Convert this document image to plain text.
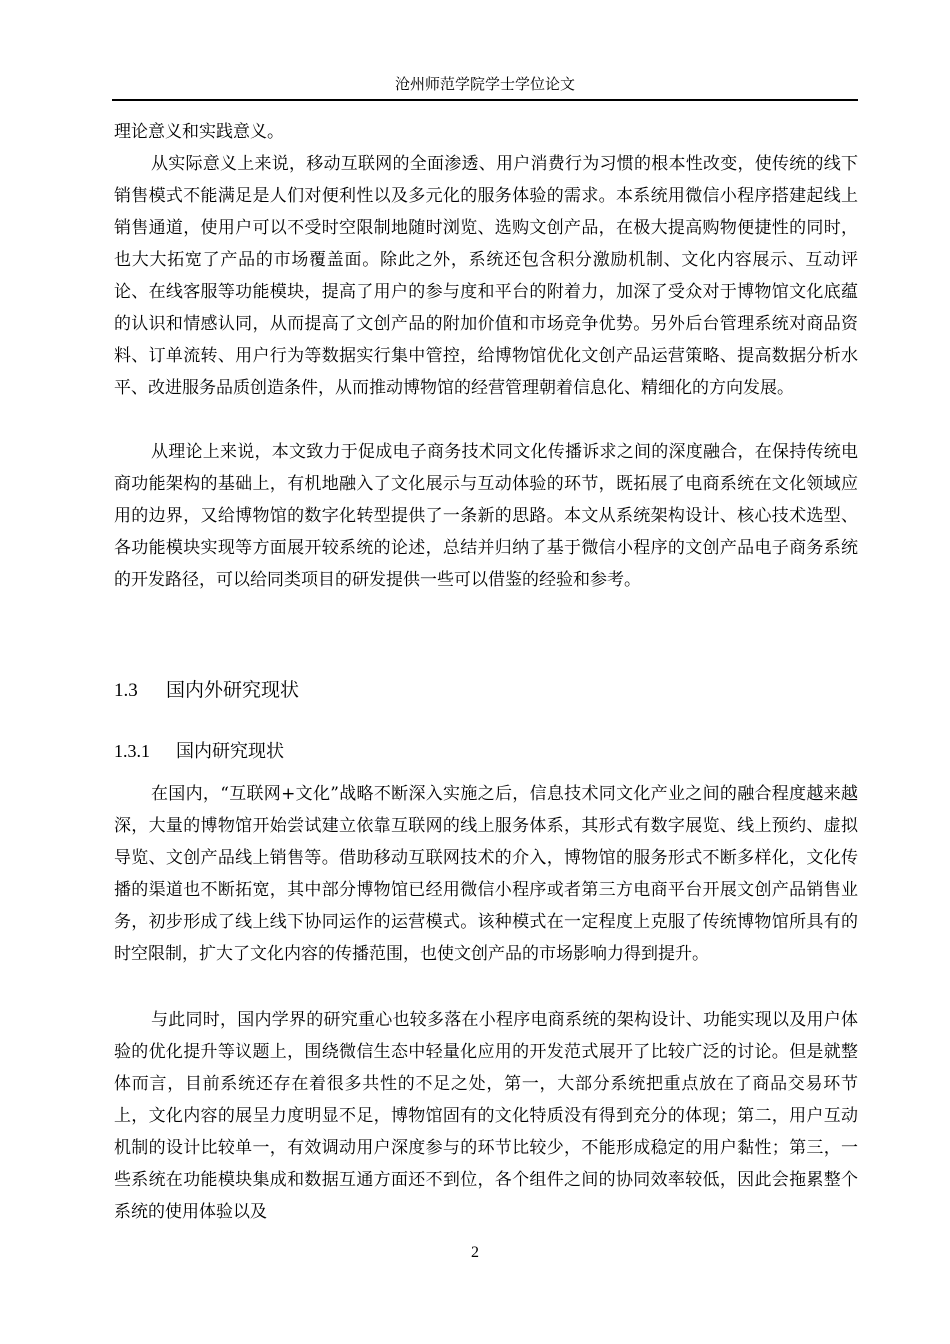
沧州师范学院学士学位论文

理论意义和实践意义。

从实际意义上来说，移动互联网的全面渗透、用户消费行为习惯的根本性改变，使传统的线下销售模式不能满足是人们对便利性以及多元化的服务体验的需求。本系统用微信小程序搭建起线上销售通道，使用户可以不受时空限制地随时浏览、选购文创产品，在极大提高购物便捷性的同时，也大大拓宽了产品的市场覆盖面。除此之外，系统还包含积分激励机制、文化内容展示、互动评论、在线客服等功能模块，提高了用户的参与度和平台的附着力，加深了受众对于博物馆文化底蕴的认识和情感认同，从而提高了文创产品的附加价值和市场竞争优势。另外后台管理系统对商品资料、订单流转、用户行为等数据实行集中管控，给博物馆优化文创产品运营策略、提高数据分析水平、改进服务品质创造条件，从而推动博物馆的经营管理朝着信息化、精细化的方向发展。

从理论上来说，本文致力于促成电子商务技术同文化传播诉求之间的深度融合，在保持传统电商功能架构的基础上，有机地融入了文化展示与互动体验的环节，既拓展了电商系统在文化领域应用的边界，又给博物馆的数字化转型提供了一条新的思路。本文从系统架构设计、核心技术选型、各功能模块实现等方面展开较系统的论述，总结并归纳了基于微信小程序的文创产品电子商务系统的开发路径，可以给同类项目的研发提供一些可以借鉴的经验和参考。

1.3 国内外研究现状
1.3.1 国内研究现状

在国内，“互联网+文化”战略不断深入实施之后，信息技术同文化产业之间的融合程度越来越深，大量的博物馆开始尝试建立依靠互联网的线上服务体系，其形式有数字展览、线上预约、虚拟导览、文创产品线上销售等。借助移动互联网技术的介入，博物馆的服务形式不断多样化，文化传播的渠道也不断拓宽，其中部分博物馆已经用微信小程序或者第三方电商平台开展文创产品销售业务，初步形成了线上线下协同运作的运营模式。该种模式在一定程度上克服了传统博物馆所具有的时空限制，扩大了文化内容的传播范围，也使文创产品的市场影响力得到提升。

与此同时，国内学界的研究重心也较多落在小程序电商系统的架构设计、功能实现以及用户体验的优化提升等议题上，围绕微信生态中轻量化应用的开发范式展开了比较广泛的讨论。但是就整体而言，目前系统还存在着很多共性的不足之处，第一，大部分系统把重点放在了商品交易环节上，文化内容的展呈力度明显不足，博物馆固有的文化特质没有得到充分的体现；第二，用户互动机制的设计比较单一，有效调动用户深度参与的环节比较少，不能形成稳定的用户黏性；第三，一些系统在功能模块集成和数据互通方面还不到位，各个组件之间的协同效率较低，因此会拖累整个系统的使用体验以及

2
